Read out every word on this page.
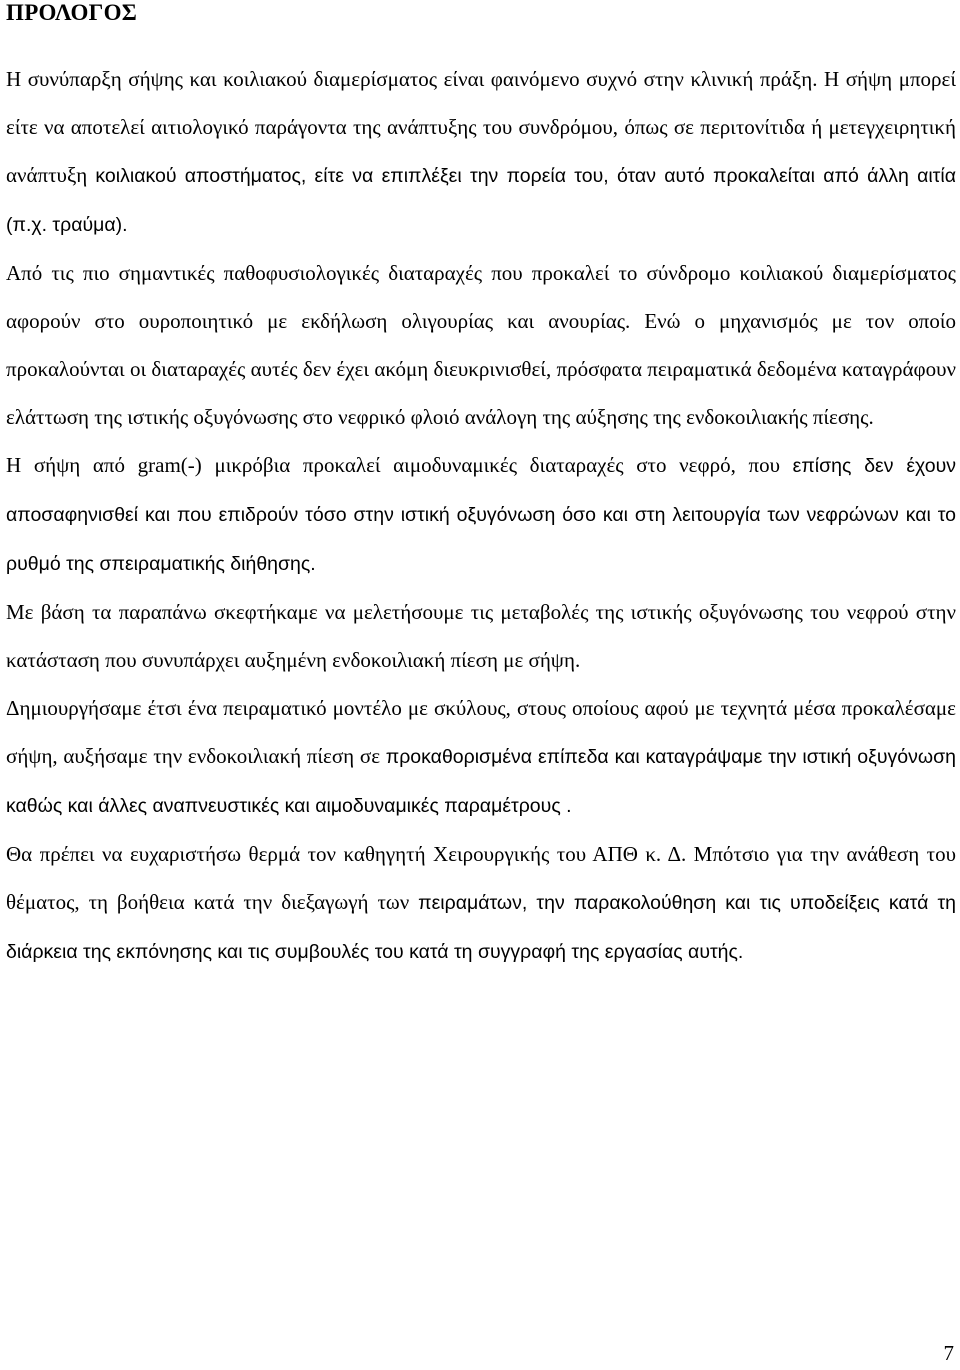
ΠΡΟΛΟΓΟΣ

Η συνύπαρξη σήψης και κοιλιακού διαμερίσματος είναι φαινόμενο συχνό στην κλινική πράξη. Η σήψη μπορεί είτε να αποτελεί αιτιολογικό παράγοντα της ανάπτυξης του συνδρόμου, όπως σε περιτονίτιδα ή μετεγχειρητική ανάπτυξη κοιλιακού αποστήματος, είτε να επιπλέξει την πορεία του, όταν αυτό προκαλείται από άλλη αιτία (π.χ. τραύμα).

Από τις πιο σημαντικές παθοφυσιολογικές διαταραχές που προκαλεί το σύνδρομο κοιλιακού διαμερίσματος αφορούν στο ουροποιητικό με εκδήλωση ολιγουρίας και ανουρίας. Ενώ ο μηχανισμός με τον οποίο προκαλούνται οι διαταραχές αυτές δεν έχει ακόμη διευκρινισθεί, πρόσφατα πειραματικά δεδομένα καταγράφουν ελάττωση της ιστικής οξυγόνωσης στο νεφρικό φλοιό ανάλογη της αύξησης της ενδοκοιλιακής πίεσης.

Η σήψη από gram(-) μικρόβια προκαλεί αιμοδυναμικές διαταραχές στο νεφρό, που επίσης δεν έχουν αποσαφηνισθεί και που επιδρούν τόσο στην ιστική οξυγόνωση όσο και στη λειτουργία των νεφρώνων και το ρυθμό της σπειραματικής διήθησης.

Με βάση τα παραπάνω σκεφτήκαμε να μελετήσουμε τις μεταβολές της ιστικής οξυγόνωσης του νεφρού στην κατάσταση που συνυπάρχει αυξημένη ενδοκοιλιακή πίεση με σήψη.

Δημιουργήσαμε έτσι ένα πειραματικό μοντέλο με σκύλους, στους οποίους αφού με τεχνητά μέσα προκαλέσαμε σήψη, αυξήσαμε την ενδοκοιλιακή πίεση σε προκαθορισμένα επίπεδα και καταγράψαμε την ιστική οξυγόνωση καθώς και άλλες αναπνευστικές και αιμοδυναμικές παραμέτρους .

Θα πρέπει να ευχαριστήσω θερμά τον καθηγητή Χειρουργικής του ΑΠΘ κ. Δ. Μπότσιο για την ανάθεση του θέματος, τη βοήθεια κατά την διεξαγωγή των πειραμάτων, την παρακολούθηση και τις υποδείξεις κατά τη διάρκεια της εκπόνησης και τις συμβουλές του κατά τη συγγραφή της εργασίας αυτής.

7
